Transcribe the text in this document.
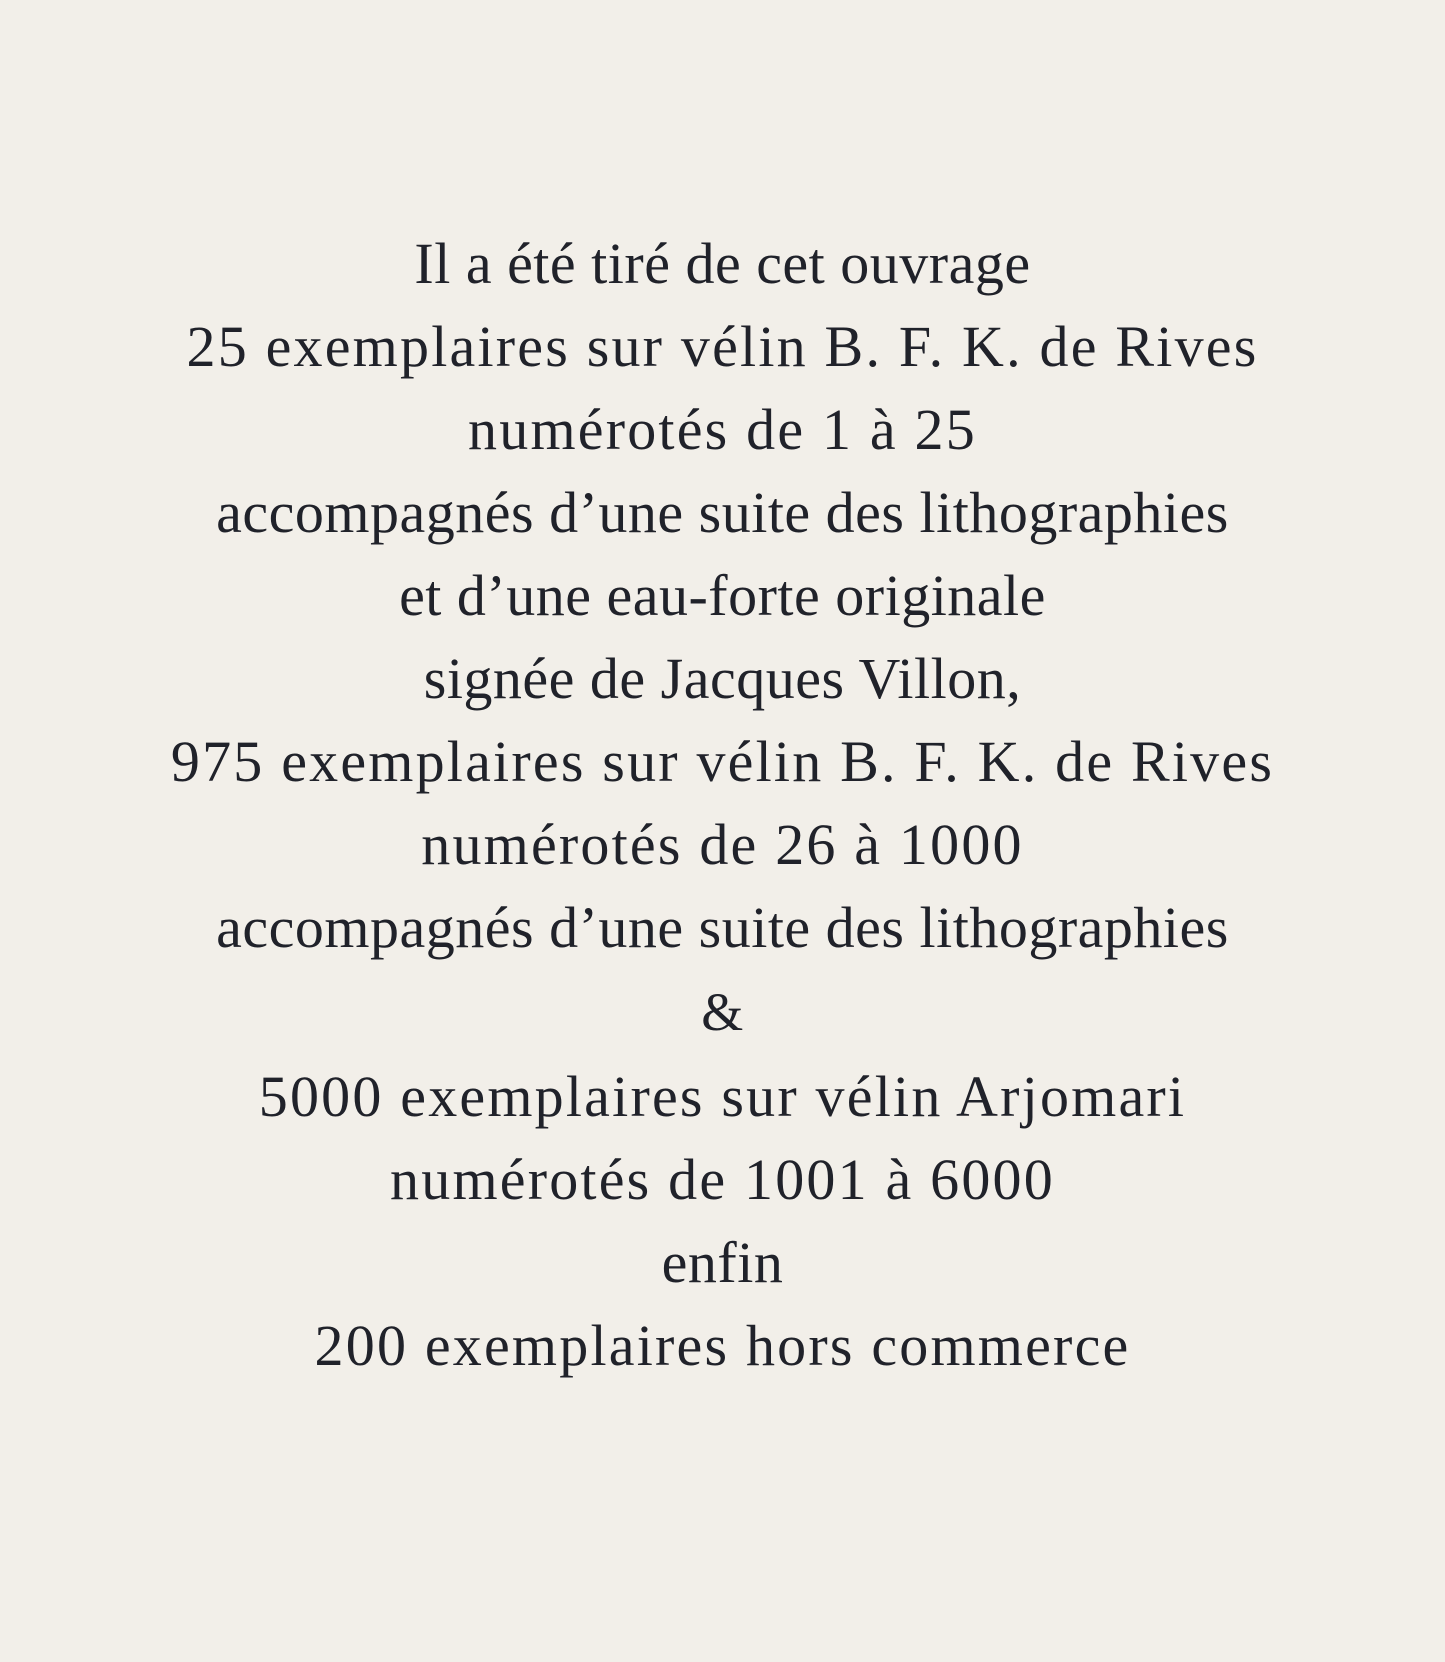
Il a été tiré de cet ouvrage
25 exemplaires sur vélin B. F. K. de Rives
numérotés de 1 à 25
accompagnés d’une suite des lithographies
et d’une eau-forte originale
signée de Jacques Villon,
975 exemplaires sur vélin B. F. K. de Rives
numérotés de 26 à 1000
accompagnés d’une suite des lithographies
&
5000 exemplaires sur vélin Arjomari
numérotés de 1001 à 6000
enfin
200 exemplaires hors commerce
